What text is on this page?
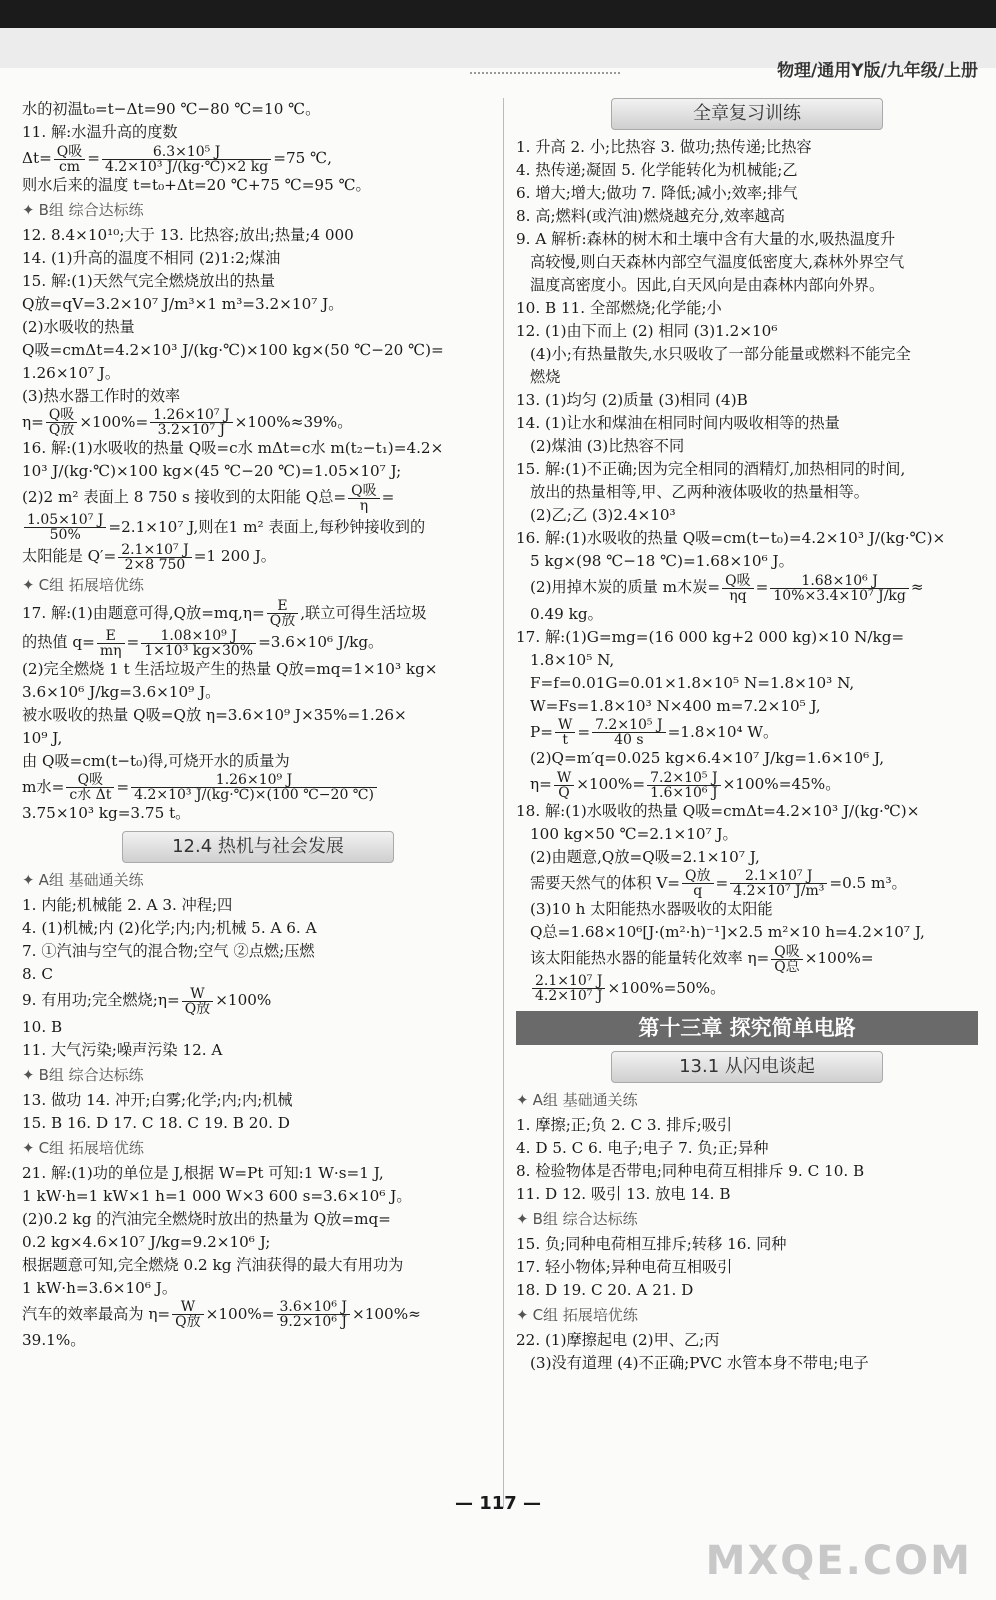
物理/通用Y版/九年级/上册
水的初温t₀=t−Δt=90 ℃−80 ℃=10 ℃。
11. 解:水温升高的度数
$\Delta t= \frac{\text{Q吸}}{cm} = \frac{\text{6.3×10⁵ J}}{\text{4.2×10³ J/(kg·℃)×2 kg}} =75$ ℃,
则水后来的温度 t=t₀+Δt=20 ℃+75 ℃=95 ℃。
✦ B组 综合达标练
12. 8.4×10¹⁰;大于 13. 比热容;放出;热量;4 000
14. (1)升高的温度不相同 (2)1:2;煤油
15. 解:(1)天然气完全燃烧放出的热量
Q放=qV=3.2×10⁷ J/m³×1 m³=3.2×10⁷ J。
(2)水吸收的热量
Q吸=cmΔt=4.2×10³ J/(kg·℃)×100 kg×(50 ℃−20 ℃)=
1.26×10⁷ J。
(3)热水器工作时的效率
$\eta= \frac{\text{Q吸}}{\text{Q放}} \times 100\%= \frac{\text{1.26×10⁷ J}}{\text{3.2×10⁷ J}} \times 100\%\approx 39\%$。
16. 解:(1)水吸收的热量 Q吸=c水 mΔt=c水 m(t₂−t₁)=4.2×
10³ J/(kg·℃)×100 kg×(45 ℃−20 ℃)=1.05×10⁷ J;
(2)2 m² 表面上 8 750 s 接收到的太阳能 Q总= $\frac{\text{Q吸}}{\eta}$ =
$\frac{\text{1.05×10⁷ J}}{50\%} =2.1\times 10^7$ J,则在1 m² 表面上,每秒钟接收到的
太阳能是 $Q'= \frac{\text{2.1×10⁷ J}}{2\times 8 750} =1$ 200 J。
✦ C组 拓展培优练
17. 解:(1)由题意可得,Q放$=mq,\eta= \frac{E}{\text{Q放}}$ ,联立可得生活垃圾
的热值 $q= \frac{E}{m\eta} = \frac{\text{1.08×10⁹ J}}{\text{1×10³ kg×30\%}} =3.6\times 10^6$ J/kg。
(2)完全燃烧 1 t 生活垃圾产生的热量 Q放=mq=1×10³ kg×
3.6×10⁶ J/kg=3.6×10⁹ J。
被水吸收的热量 Q吸=Q放 η=3.6×10⁹ J×35%=1.26×
10⁹ J,
由 Q吸=cm(t−t₀)得,可烧开水的质量为
m水= $\frac{\text{Q吸}}{\text{c水 Δt}} = \frac{\text{1.26×10⁹ J}}{\text{4.2×10³ J/(kg·℃)×(100 ℃−20 ℃)}}$
3.75×10³ kg=3.75 t。
12.4 热机与社会发展
✦ A组 基础通关练
1. 内能;机械能 2. A 3. 冲程;四
4. (1)机械;内 (2)化学;内;内;机械 5. A 6. A
7. ①汽油与空气的混合物;空气 ②点燃;压燃
8. C
9. 有用功;完全燃烧;η= $\frac{W}{\text{Q放}} \times 100\%$
10. B
11. 大气污染;噪声污染 12. A
✦ B组 综合达标练
13. 做功 14. 冲开;白雾;化学;内;内;机械
15. B 16. D 17. C 18. C 19. B 20. D
✦ C组 拓展培优练
21. 解:(1)功的单位是 J,根据 W=Pt 可知:1 W·s=1 J,
1 kW·h=1 kW×1 h=1 000 W×3 600 s=3.6×10⁶ J。
(2)0.2 kg 的汽油完全燃烧时放出的热量为 Q放=mq=
0.2 kg×4.6×10⁷ J/kg=9.2×10⁶ J;
根据题意可知,完全燃烧 0.2 kg 汽油获得的最大有用功为
1 kW·h=3.6×10⁶ J。
汽车的效率最高为 $\eta= \frac{W}{\text{Q放}} \times 100\%= \frac{\text{3.6×10⁶ J}}{\text{9.2×10⁶ J}} \times 100\%\approx$
39.1%。
全章复习训练
1. 升高 2. 小;比热容 3. 做功;热传递;比热容
4. 热传递;凝固 5. 化学能转化为机械能;乙
6. 增大;增大;做功 7. 降低;减小;效率;排气
8. 高;燃料(或汽油)燃烧越充分,效率越高
9. A 解析:森林的树木和土壤中含有大量的水,吸热温度升
高较慢,则白天森林内部空气温度低密度大,森林外界空气
温度高密度小。因此,白天风向是由森林内部向外界。
10. B 11. 全部燃烧;化学能;小
12. (1)由下而上 (2) 相同 (3)1.2×10⁶
(4)小;有热量散失,水只吸收了一部分能量或燃料不能完全
燃烧
13. (1)均匀 (2)质量 (3)相同 (4)B
14. (1)让水和煤油在相同时间内吸收相等的热量
(2)煤油 (3)比热容不同
15. 解:(1)不正确;因为完全相同的酒精灯,加热相同的时间,
放出的热量相等,甲、乙两种液体吸收的热量相等。
(2)乙;乙 (3)2.4×10³
16. 解:(1)水吸收的热量 Q吸=cm(t−t₀)=4.2×10³ J/(kg·℃)×
5 kg×(98 ℃−18 ℃)=1.68×10⁶ J。
(2)用掉木炭的质量 m木炭= $\frac{\text{Q吸}}{\eta q} = \frac{\text{1.68×10⁶ J}}{\text{10\%×3.4×10⁷ J/kg}}$ ≈
0.49 kg。
17. 解:(1)G=mg=(16 000 kg+2 000 kg)×10 N/kg=
1.8×10⁵ N,
F=f=0.01G=0.01×1.8×10⁵ N=1.8×10³ N,
W=Fs=1.8×10³ N×400 m=7.2×10⁵ J,
$P= \frac{W}{t} = \frac{\text{7.2×10⁵ J}}{40 s} =1.8\times 10^4$ W。
(2)Q=m′q=0.025 kg×6.4×10⁷ J/kg=1.6×10⁶ J,
$\eta= \frac{W}{Q} \times 100\%= \frac{\text{7.2×10⁵ J}}{\text{1.6×10⁶ J}} \times 100\%=45\%$。
18. 解:(1)水吸收的热量 Q吸=cmΔt=4.2×10³ J/(kg·℃)×
100 kg×50 ℃=2.1×10⁷ J。
(2)由题意,Q放=Q吸=2.1×10⁷ J,
需要天然气的体积 $V= \frac{\text{Q放}}{q} = \frac{\text{2.1×10⁷ J}}{\text{4.2×10⁷ J/m³}} =0.5$ m³。
(3)10 h 太阳能热水器吸收的太阳能
Q总=1.68×10⁶[J·(m²·h)⁻¹]×2.5 m²×10 h=4.2×10⁷ J,
该太阳能热水器的能量转化效率 $\eta= \frac{\text{Q吸}}{\text{Q总}} \times 100\%=$
$\frac{\text{2.1×10⁷ J}}{\text{4.2×10⁷ J}} \times 100\%=50\%$。
第十三章 探究简单电路
13.1 从闪电谈起
✦ A组 基础通关练
1. 摩擦;正;负 2. C 3. 排斥;吸引
4. D 5. C 6. 电子;电子 7. 负;正;异种
8. 检验物体是否带电;同种电荷互相排斥 9. C 10. B
11. D 12. 吸引 13. 放电 14. B
✦ B组 综合达标练
15. 负;同种电荷相互排斥;转移 16. 同种
17. 轻小物体;异种电荷互相吸引
18. D 19. C 20. A 21. D
✦ C组 拓展培优练
22. (1)摩擦起电 (2)甲、乙;丙
(3)没有道理 (4)不正确;PVC 水管本身不带电;电子
— 117 —
MXQE.COM
